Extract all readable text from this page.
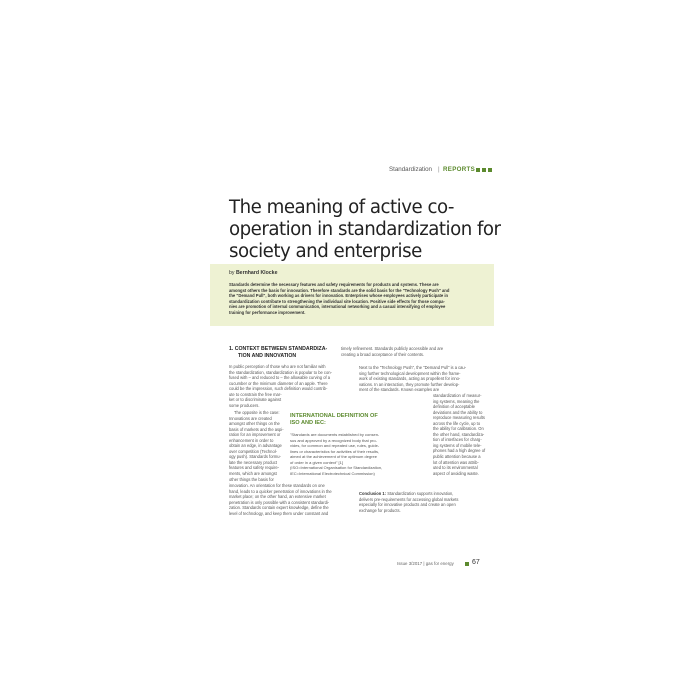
Standardization | REPORTS
The meaning of active co-
operation in standardization for
society and enterprise
by Bernhard Klocke
Standards determine the necessary features and safety requirements for products and systems. These are
amongst others the basis for innovation. Therefore standards are the solid basis for the "Technology Push" and
the "Demand Pull", both working as drivers for innovation. Enterprises whose employees actively participate in
standardization contribute to strengthening the individual site location. Positive side effects for those compa-
nies are promotion of internal communication, international networking and a casual intensifying of employee
training for performance improvement.
1. CONTEXT BETWEEN STANDARDIZA-
TION AND INNOVATION
In public perception of those who are not familiar with
the standardization, standardization is popular to be con-
fused with – and reduced to – the allowable curving of a
cucumber or the minimum diameter of an apple. There
could be the impression, such definition would contrib-
ute to constrain the free mar-
ket or to discriminate against
some producers.
The opposite is the case:
Innovations are created
amongst other things on the
basis of markets and the aspi-
ration for an improvement or
enhancement in order to
obtain an edge, in advantage
over competition (Technol-
ogy push). Standards formu-
late the necessary product
features and safety require-
ments, which are amongst
other things the basis for
innovation. An orientation for these standards on one
hand, leads to a quicker penetration of innovations in the
market place; on the other hand, an extensive market
penetration is only possible with a consistent standardi-
zation. Standards contain expert knowledge, define the
level of technology, and keep them under constant and
timely refinement. Standards publicly accessible and are
creating a broad acceptance of their contents.
INTERNATIONAL DEFINITION OF
ISO AND IEC:
"Standards are documents established by consen-
sus and approved by a recognized body that pro-
vides, for common and repeated use, rules, guide-
lines or characteristics for activities of their results,
aimed at the achievement of the optimum degree
of order in a given context" [1]
(ISO=International Organisation for Standardization,
IEC=International Electrotechnical Commission)
Next to the "Technology Push", the "Demand Pull" is a cau-
sing further technological development within the frame-
work of existing standards, acting as propellent for inno-
vations. In an interaction, they promote further develop-
ment of the standards. Known examples are
standardization of measur-
ing systems, meaning the
definition of acceptable
deviations and the ability to
reproduce measuring results
across the life cycle, up to
the ability for calibration. On
the other hand, standardiza-
tion of interfaces for charg-
ing systems of mobile tele-
phones had a high degree of
public attention because a
lot of attention was attrib-
uted to its environmental
aspect of avoiding waste.
Conclusion 1: Standardization supports innovation,
delivers pre-requirements for accessing global markets
especially for innovative products and create an open
exchange for products.
Issue 3/2017 | gas for energy	67
